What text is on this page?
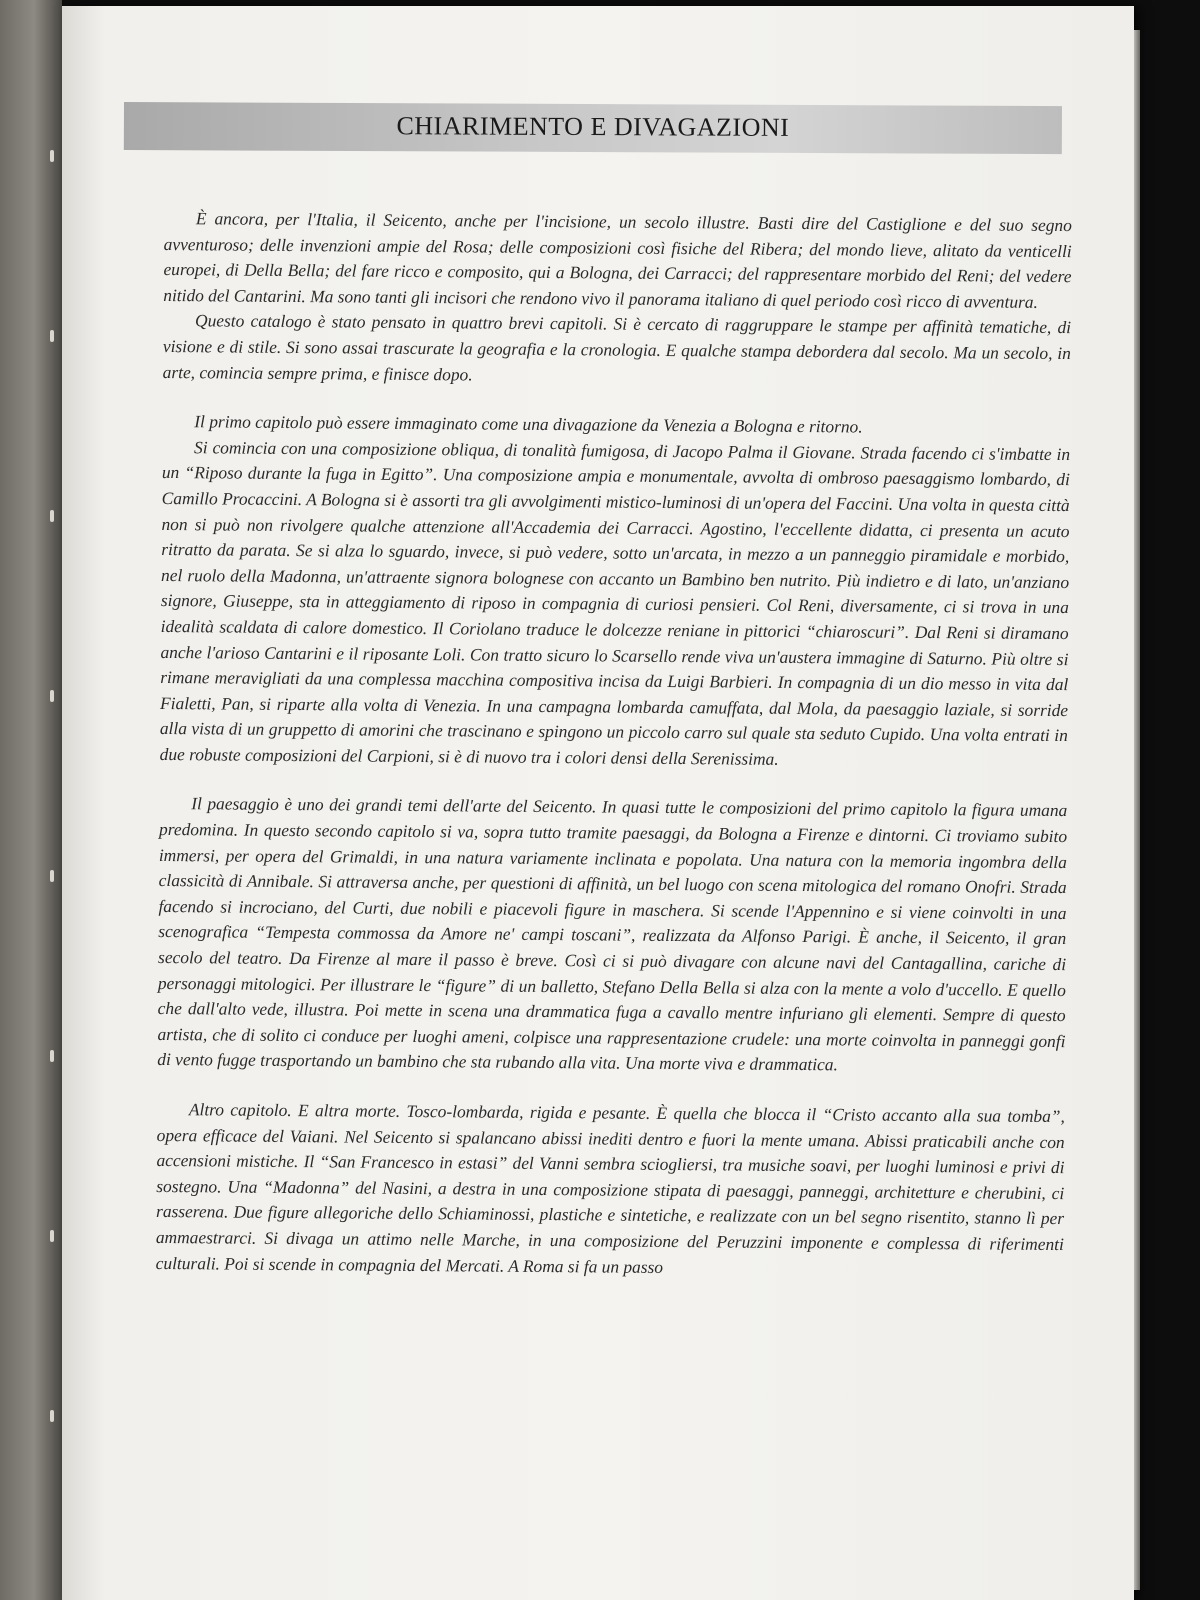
CHIARIMENTO E DIVAGAZIONI

È ancora, per l'Italia, il Seicento, anche per l'incisione, un secolo illustre. Basti dire del Castiglione e del suo segno avventuroso; delle invenzioni ampie del Rosa; delle composizioni così fisiche del Ribera; del mondo lieve, alitato da venticelli europei, di Della Bella; del fare ricco e composito, qui a Bologna, dei Carracci; del rappresentare morbido del Reni; del vedere nitido del Cantarini. Ma sono tanti gli incisori che rendono vivo il panorama italiano di quel periodo così ricco di avventura.

Questo catalogo è stato pensato in quattro brevi capitoli. Si è cercato di raggruppare le stampe per affinità tematiche, di visione e di stile. Si sono assai trascurate la geografia e la cronologia. E qualche stampa debordera dal secolo. Ma un secolo, in arte, comincia sempre prima, e finisce dopo.

Il primo capitolo può essere immaginato come una divagazione da Venezia a Bologna e ritorno.

Si comincia con una composizione obliqua, di tonalità fumigosa, di Jacopo Palma il Giovane. Strada facendo ci s'imbatte in un “Riposo durante la fuga in Egitto”. Una composizione ampia e monumentale, avvolta di ombroso paesaggismo lombardo, di Camillo Procaccini. A Bologna si è assorti tra gli avvolgimenti mistico-luminosi di un'opera del Faccini. Una volta in questa città non si può non rivolgere qualche attenzione all'Accademia dei Carracci. Agostino, l'eccellente didatta, ci presenta un acuto ritratto da parata. Se si alza lo sguardo, invece, si può vedere, sotto un'arcata, in mezzo a un panneggio piramidale e morbido, nel ruolo della Madonna, un'attraente signora bolognese con accanto un Bambino ben nutrito. Più indietro e di lato, un'anziano signore, Giuseppe, sta in atteggiamento di riposo in compagnia di curiosi pensieri. Col Reni, diversamente, ci si trova in una idealità scaldata di calore domestico. Il Coriolano traduce le dolcezze reniane in pittorici “chiaroscuri”. Dal Reni si diramano anche l'arioso Cantarini e il riposante Loli. Con tratto sicuro lo Scarsello rende viva un'austera immagine di Saturno. Più oltre si rimane meravigliati da una complessa macchina compositiva incisa da Luigi Barbieri. In compagnia di un dio messo in vita dal Fialetti, Pan, si riparte alla volta di Venezia. In una campagna lombarda camuffata, dal Mola, da paesaggio laziale, si sorride alla vista di un gruppetto di amorini che trascinano e spingono un piccolo carro sul quale sta seduto Cupido. Una volta entrati in due robuste composizioni del Carpioni, si è di nuovo tra i colori densi della Serenissima.

Il paesaggio è uno dei grandi temi dell'arte del Seicento. In quasi tutte le composizioni del primo capitolo la figura umana predomina. In questo secondo capitolo si va, sopra tutto tramite paesaggi, da Bologna a Firenze e dintorni. Ci troviamo subito immersi, per opera del Grimaldi, in una natura variamente inclinata e popolata. Una natura con la memoria ingombra della classicità di Annibale. Si attraversa anche, per questioni di affinità, un bel luogo con scena mitologica del romano Onofri. Strada facendo si incrociano, del Curti, due nobili e piacevoli figure in maschera. Si scende l'Appennino e si viene coinvolti in una scenografica “Tempesta commossa da Amore ne' campi toscani”, realizzata da Alfonso Parigi. È anche, il Seicento, il gran secolo del teatro. Da Firenze al mare il passo è breve. Così ci si può divagare con alcune navi del Cantagallina, cariche di personaggi mitologici. Per illustrare le “figure” di un balletto, Stefano Della Bella si alza con la mente a volo d'uccello. E quello che dall'alto vede, illustra. Poi mette in scena una drammatica fuga a cavallo mentre infuriano gli elementi. Sempre di questo artista, che di solito ci conduce per luoghi ameni, colpisce una rappresentazione crudele: una morte coinvolta in panneggi gonfi di vento fugge trasportando un bambino che sta rubando alla vita. Una morte viva e drammatica.

Altro capitolo. E altra morte. Tosco-lombarda, rigida e pesante. È quella che blocca il “Cristo accanto alla sua tomba”, opera efficace del Vaiani. Nel Seicento si spalancano abissi inediti dentro e fuori la mente umana. Abissi praticabili anche con accensioni mistiche. Il “San Francesco in estasi” del Vanni sembra sciogliersi, tra musiche soavi, per luoghi luminosi e privi di sostegno. Una “Madonna” del Nasini, a destra in una composizione stipata di paesaggi, panneggi, architetture e cherubini, ci rasserena. Due figure allegoriche dello Schiaminossi, plastiche e sintetiche, e realizzate con un bel segno risentito, stanno lì per ammaestrarci. Si divaga un attimo nelle Marche, in una composizione del Peruzzini imponente e complessa di riferimenti culturali. Poi si scende in compagnia del Mercati. A Roma si fa un passo
